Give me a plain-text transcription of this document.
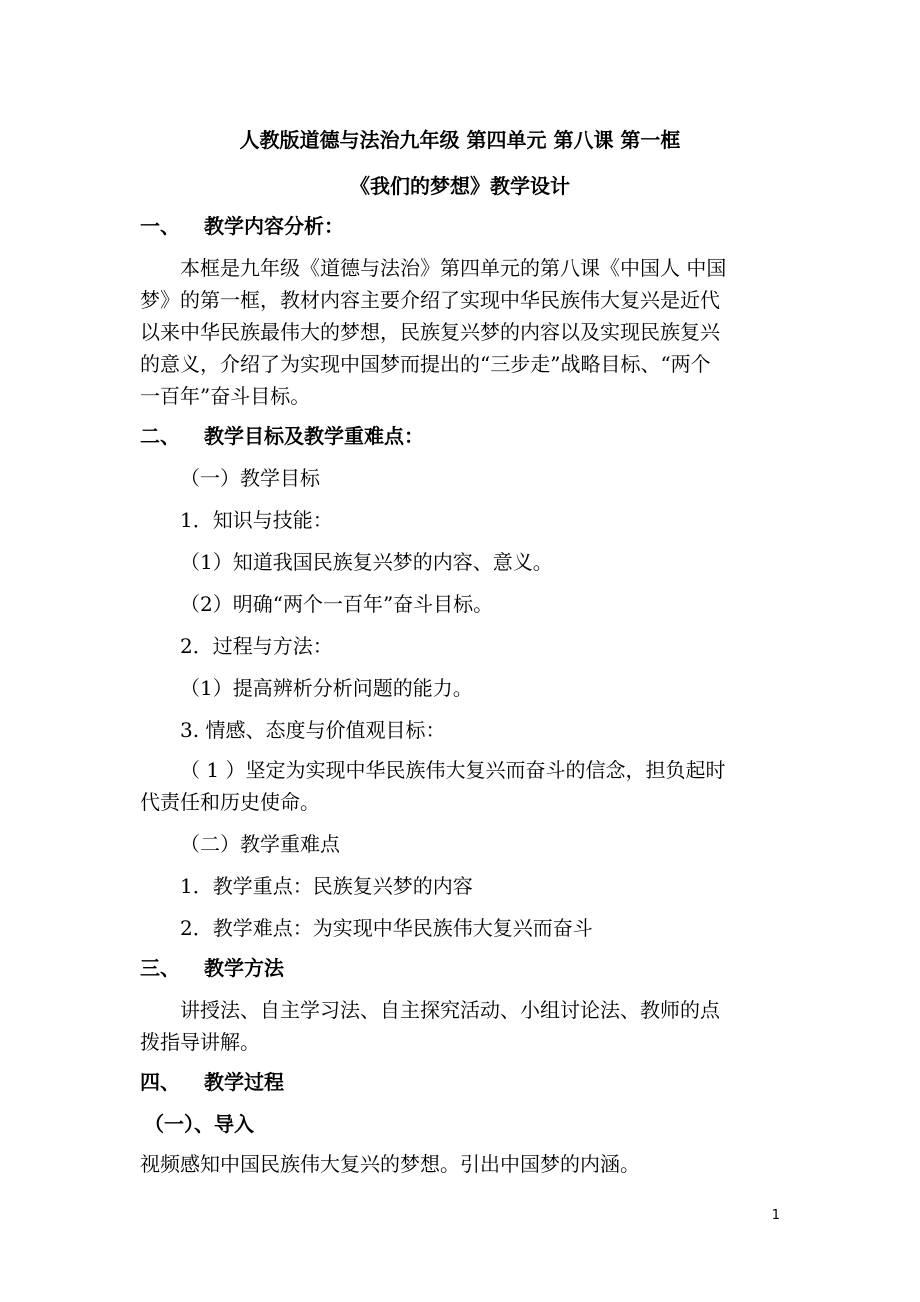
人教版道德与法治九年级 第四单元 第八课 第一框
《我们的梦想》教学设计
一、 教学内容分析：
本框是九年级《道德与法治》第四单元的第八课《中国人 中国
梦》的第一框，教材内容主要介绍了实现中华民族伟大复兴是近代
以来中华民族最伟大的梦想，民族复兴梦的内容以及实现民族复兴
的意义，介绍了为实现中国梦而提出的“三步走”战略目标、“两个
一百年”奋斗目标。
二、 教学目标及教学重难点：
（一）教学目标
1．知识与技能：
（1）知道我国民族复兴梦的内容、意义。
（2）明确“两个一百年”奋斗目标。
2．过程与方法：
（1）提高辨析分析问题的能力。
3. 情感、态度与价值观目标：
（ 1 ）坚定为实现中华民族伟大复兴而奋斗的信念，担负起时
代责任和历史使命。
（二）教学重难点
1．教学重点：民族复兴梦的内容
2．教学难点：为实现中华民族伟大复兴而奋斗
三、 教学方法
讲授法、自主学习法、自主探究活动、小组讨论法、教师的点
拨指导讲解。
四、 教学过程
（一）、导入
视频感知中国民族伟大复兴的梦想。引出中国梦的内涵。
1
